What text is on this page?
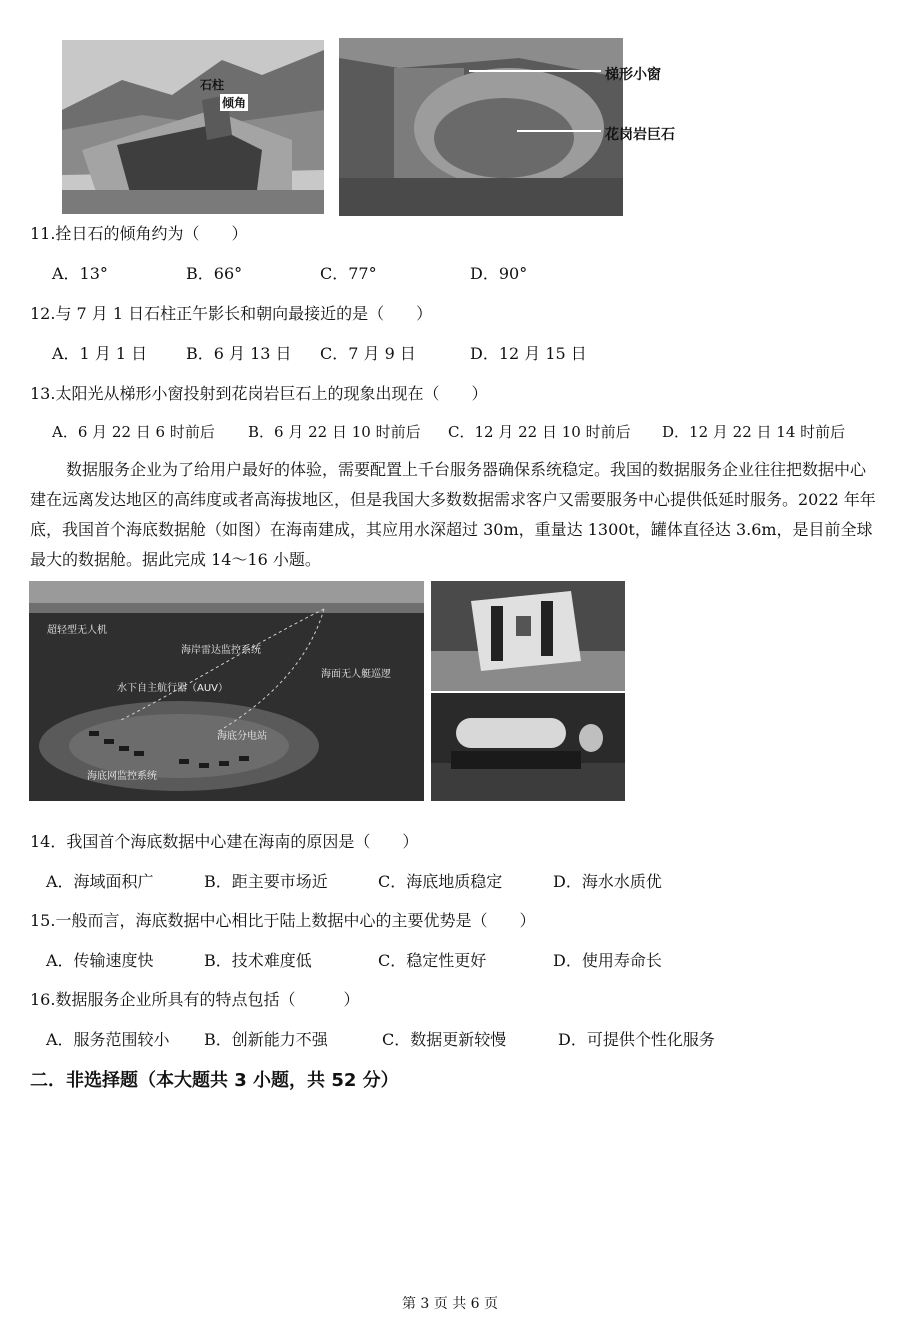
石柱
倾角
梯形小窗
花岗岩巨石
11.拴日石的倾角约为（　　）
A．13°	B．66°	C．77°	D．90°
12.与 7 月 1 日石柱正午影长和朝向最接近的是（　　）
A．1 月 1 日 B．6 月 13 日 C．7 月 9 日	D．12 月 15 日
13.太阳光从梯形小窗投射到花岗岩巨石上的现象出现在（　　）
A．6 月 22 日 6 时前后 B．6 月 22 日 10 时前后 C．12 月 22 日 10 时前后 D．12 月 22 日 14 时前后
数据服务企业为了给用户最好的体验，需要配置上千台服务器确保系统稳定。我国的数据服务企业往往把数据中心建在远离发达地区的高纬度或者高海拔地区，但是我国大多数数据需求客户又需要服务中心提供低延时服务。2022 年年底，我国首个海底数据舱（如图）在海南建成，其应用水深超过 30m，重量达 1300t，罐体直径达 3.6m，是目前全球最大的数据舱。据此完成 14～16 小题。
超轻型无人机
海岸雷达监控系统
海面无人艇巡逻
水下自主航行器（AUV）
海底分电站
海底网监控系统
14．我国首个海底数据中心建在海南的原因是（　　）
A．海域面积广	B．距主要市场近	C．海底地质稳定	D．海水水质优
15.一般而言，海底数据中心相比于陆上数据中心的主要优势是（　　）
A．传输速度快	B．技术难度低	C．稳定性更好	D．使用寿命长
16.数据服务企业所具有的特点包括（　　　）
A．服务范围较小 B．创新能力不强	C．数据更新较慢	D．可提供个性化服务
二．非选择题（本大题共 3 小题，共 52 分）
第 3 页 共 6 页
